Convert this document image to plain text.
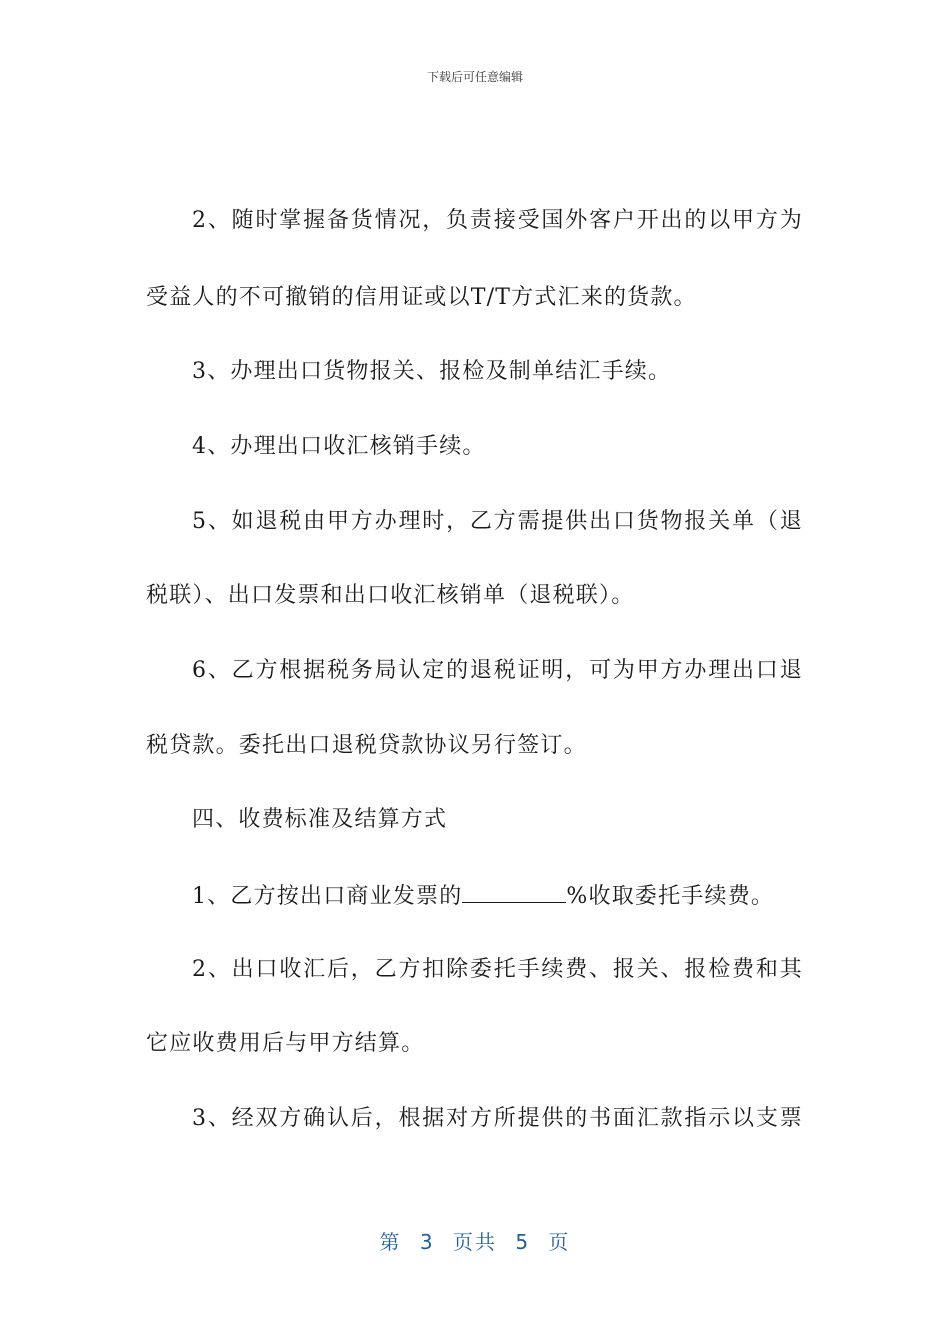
下载后可任意编辑
2 、 随 时 掌 握 备 货 情 况 ， 负 责 接 受 国 外 客 户 开 出 的 以 甲 方 为
受益人的不可撤销的信用证或以T/T方式汇来的货款。
3、办理出口货物报关、报检及制单结汇手续。
4、办理出口收汇核销手续。
5 、 如 退 税 由 甲 方 办 理 时 ， 乙 方 需 提 供 出 口 货 物 报 关 单 （ 退
税联）、出口发票和出口收汇核销单（退税联）。
6 、 乙 方 根 据 税 务 局 认 定 的 退 税 证 明 ， 可 为 甲 方 办 理 出 口 退
税贷款。委托出口退税贷款协议另行签订。
四、收费标准及结算方式
1、乙方按出口商业发票的	%收取委托手续费。
2 、 出 口 收 汇 后 ， 乙 方 扣 除 委 托 手 续 费 、 报 关 、 报 检 费 和 其
它应收费用后与甲方结算。
3 、 经 双 方 确 认 后 ， 根 据 对 方 所 提 供 的 书 面 汇 款 指 示 以 支 票
第 3 页共 5 页
